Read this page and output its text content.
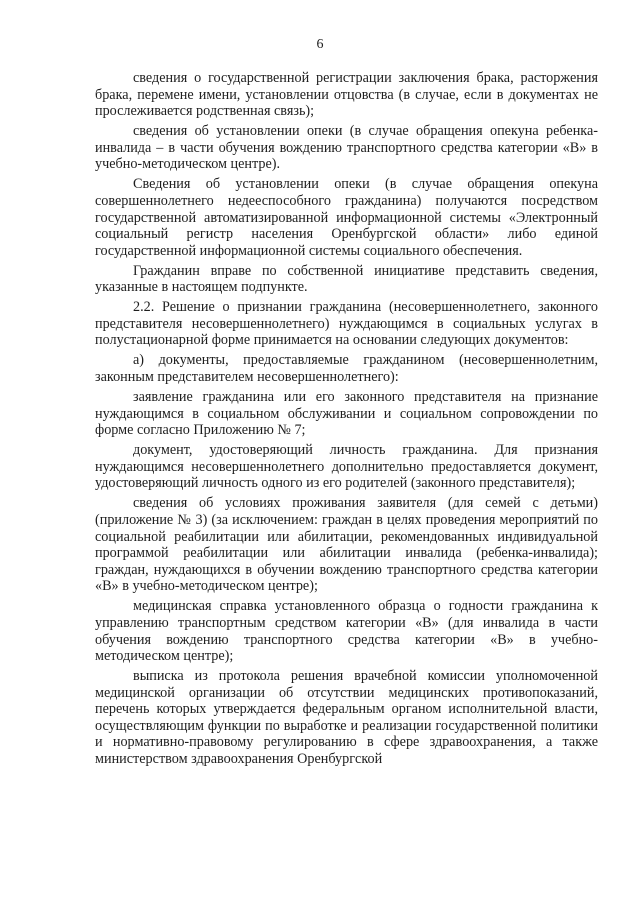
6

сведения о государственной регистрации заключения брака, расторжения брака, перемене имени, установлении отцовства (в случае, если в документах не прослеживается родственная связь);

сведения об установлении опеки (в случае обращения опекуна ребенка-инвалида – в части обучения вождению транспортного средства категории «В» в учебно-методическом центре).

Сведения об установлении опеки (в случае обращения опекуна совершеннолетнего недееспособного гражданина) получаются посредством государственной автоматизированной информационной системы «Электронный социальный регистр населения Оренбургской области» либо единой государственной информационной системы социального обеспечения.

Гражданин вправе по собственной инициативе представить сведения, указанные в настоящем подпункте.

2.2. Решение о признании гражданина (несовершеннолетнего, законного представителя несовершеннолетнего) нуждающимся в социальных услугах в полустационарной форме принимается на основании следующих документов:

а) документы, предоставляемые гражданином (несовершеннолетним, законным представителем несовершеннолетнего):

заявление гражданина или его законного представителя на признание нуждающимся в социальном обслуживании и социальном сопровождении по форме согласно Приложению № 7;

документ, удостоверяющий личность гражданина. Для признания нуждающимся несовершеннолетнего дополнительно предоставляется документ, удостоверяющий личность одного из его родителей (законного представителя);

сведения об условиях проживания заявителя (для семей с детьми) (приложение № 3) (за исключением: граждан в целях проведения мероприятий по социальной реабилитации или абилитации, рекомендованных индивидуальной программой реабилитации или абилитации инвалида (ребенка-инвалида); граждан, нуждающихся в обучении вождению транспортного средства категории «В» в учебно-методическом центре);

медицинская справка установленного образца о годности гражданина к управлению транспортным средством категории «В» (для инвалида в части обучения вождению транспортного средства категории «В» в учебно-методическом центре);

выписка из протокола решения врачебной комиссии уполномоченной медицинской организации об отсутствии медицинских противопоказаний, перечень которых утверждается федеральным органом исполнительной власти, осуществляющим функции по выработке и реализации государственной политики и нормативно-правовому регулированию в сфере здравоохранения, а также министерством здравоохранения Оренбургской
